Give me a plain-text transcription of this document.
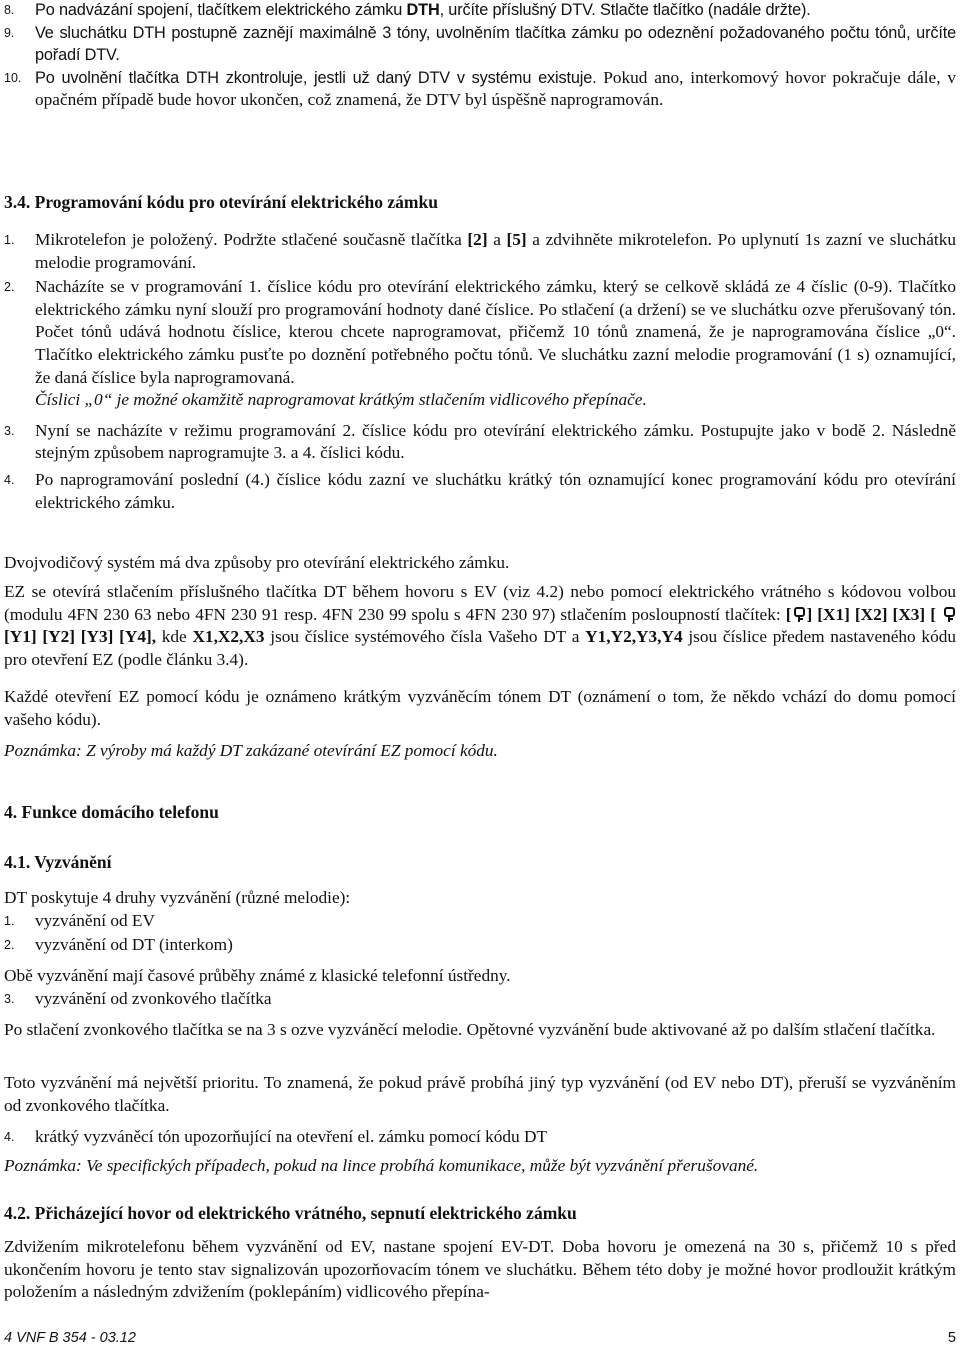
8. Po nadvázání spojení, tlačítkem elektrického zámku DTH, určíte příslušný DTV. Stlačte tlačítko (nadále držte).
9. Ve sluchátku DTH postupně zaznějí maximálně 3 tóny, uvolněním tlačítka zámku po odeznění požadovaného počtu tónů, určíte pořadí DTV.
10. Po uvolnění tlačítka DTH zkontroluje, jestli už daný DTV v systému existuje. Pokud ano, interkomový hovor pokračuje dále, v opačném případě bude hovor ukončen, což znamená, že DTV byl úspěšně naprogramován.
3.4. Programování kódu pro otevírání elektrického zámku
1. Mikrotelefon je položený. Podržte stlačené současně tlačítka [2] a [5] a zdvihněte mikrotelefon. Po uplynutí 1s zazní ve sluchátku melodie programování.
2. Nacházíte se v programování 1. číslice kódu pro otevírání elektrického zámku, který se celkově skládá ze 4 číslic (0-9). Tlačítko elektrického zámku nyní slouží pro programování hodnoty dané číslice. Po stlačení (a držení) se ve sluchátku ozve přerušovaný tón. Počet tónů udává hodnotu číslice, kterou chcete naprogramovat, přičemž 10 tónů znamená, že je naprogramována číslice „0“. Tlačítko elektrického zámku pusťte po doznění potřebného počtu tónů. Ve sluchátku zazní melodie programování (1 s) oznamující, že daná číslice byla naprogramovaná.
Číslici „0“ je možné okamžitě naprogramovat krátkým stlačením vidlicového přepínače.
3. Nyní se nacházíte v režimu programování 2. číslice kódu pro otevírání elektrického zámku. Postupujte jako v bodě 2. Následně stejným způsobem naprogramujte 3. a 4. číslici kódu.
4. Po naprogramování poslední (4.) číslice kódu zazní ve sluchátku krátký tón oznamující konec programování kódu pro otevírání elektrického zámku.
Dvojvodičový systém má dva způsoby pro otevírání elektrického zámku.
EZ se otevírá stlačením příslušného tlačítka DT během hovoru s EV (viz 4.2) nebo pomocí elektrického vrátného s kódovou volbou (modulu 4FN 230 63 nebo 4FN 230 91 resp. 4FN 230 99 spolu s 4FN 230 97) stlačením posloupností tlačítek: [ ] [X1] [X2] [X3] [
[Y1] [Y2] [Y3] [Y4], kde X1,X2,X3 jsou číslice systémového čísla Vašeho DT a Y1,Y2,Y3,Y4 jsou číslice předem nastaveného kódu pro otevření EZ (podle článku 3.4).
Každé otevření EZ pomocí kódu je oznámeno krátkým vyzváněcím tónem DT (oznámení o tom, že někdo vchází do domu pomocí vašeho kódu).
Poznámka: Z výroby má každý DT zakázané otevírání EZ pomocí kódu.
4. Funkce domácího telefonu
4.1. Vyzvánění
DT poskytuje 4 druhy vyzvánění (různé melodie):
1. vyzvánění od EV
2. vyzvánění od DT (interkom)
Obě vyzvánění mají časové průběhy známé z klasické telefonní ústředny.
3. vyzvánění od zvonkového tlačítka
Po stlačení zvonkového tlačítka se na 3 s ozve vyzváněcí melodie. Opětovné vyzvánění bude aktivované až po dalším stlačení tlačítka.
Toto vyzvánění má největší prioritu. To znamená, že pokud právě probíhá jiný typ vyzvánění (od EV nebo DT), přeruší se vyzváněním od zvonkového tlačítka.
4. krátký vyzváněcí tón upozorňující na otevření el. zámku pomocí kódu DT
Poznámka: Ve specifických případech, pokud na lince probíhá komunikace, může být vyzvánění přerušované.
4.2. Přicházející hovor od elektrického vrátného, sepnutí elektrického zámku
Zdvižením mikrotelefonu během vyzvánění od EV, nastane spojení EV-DT. Doba hovoru je omezená na 30 s, přičemž 10 s před ukončením hovoru je tento stav signalizován upozorňovacím tónem ve sluchátku. Během této doby je možné hovor prodloužit krátkým položením a následným zdvižením (poklepáním) vidlicového přepína-
4 VNF B 354 - 03.12	5
